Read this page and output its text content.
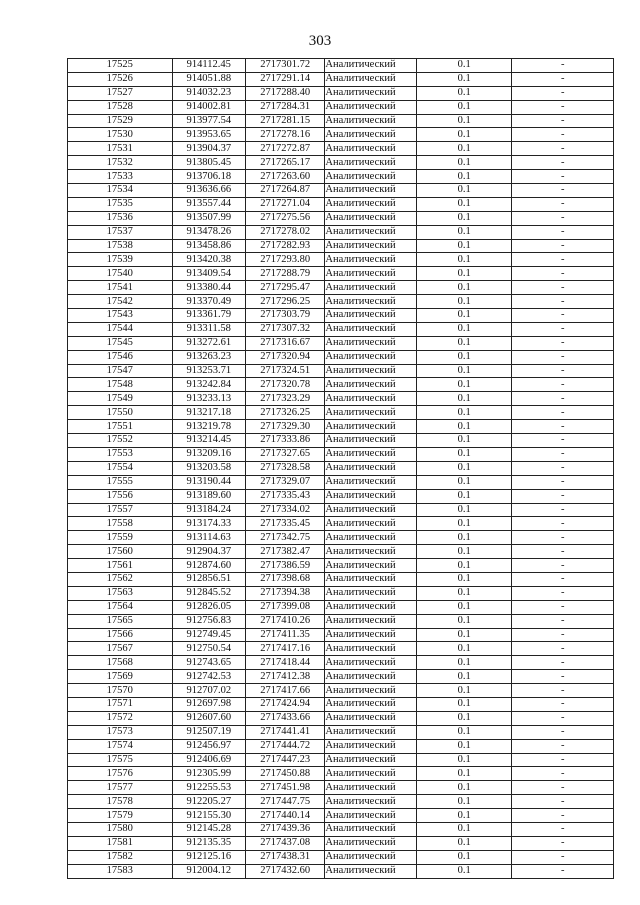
303
17525	914112.45	2717301.72	Аналитический	0.1	-
17526	914051.88	2717291.14	Аналитический	0.1	-
17527	914032.23	2717288.40	Аналитический	0.1	-
17528	914002.81	2717284.31	Аналитический	0.1	-
17529	913977.54	2717281.15	Аналитический	0.1	-
17530	913953.65	2717278.16	Аналитический	0.1	-
17531	913904.37	2717272.87	Аналитический	0.1	-
17532	913805.45	2717265.17	Аналитический	0.1	-
17533	913706.18	2717263.60	Аналитический	0.1	-
17534	913636.66	2717264.87	Аналитический	0.1	-
17535	913557.44	2717271.04	Аналитический	0.1	-
17536	913507.99	2717275.56	Аналитический	0.1	-
17537	913478.26	2717278.02	Аналитический	0.1	-
17538	913458.86	2717282.93	Аналитический	0.1	-
17539	913420.38	2717293.80	Аналитический	0.1	-
17540	913409.54	2717288.79	Аналитический	0.1	-
17541	913380.44	2717295.47	Аналитический	0.1	-
17542	913370.49	2717296.25	Аналитический	0.1	-
17543	913361.79	2717303.79	Аналитический	0.1	-
17544	913311.58	2717307.32	Аналитический	0.1	-
17545	913272.61	2717316.67	Аналитический	0.1	-
17546	913263.23	2717320.94	Аналитический	0.1	-
17547	913253.71	2717324.51	Аналитический	0.1	-
17548	913242.84	2717320.78	Аналитический	0.1	-
17549	913233.13	2717323.29	Аналитический	0.1	-
17550	913217.18	2717326.25	Аналитический	0.1	-
17551	913219.78	2717329.30	Аналитический	0.1	-
17552	913214.45	2717333.86	Аналитический	0.1	-
17553	913209.16	2717327.65	Аналитический	0.1	-
17554	913203.58	2717328.58	Аналитический	0.1	-
17555	913190.44	2717329.07	Аналитический	0.1	-
17556	913189.60	2717335.43	Аналитический	0.1	-
17557	913184.24	2717334.02	Аналитический	0.1	-
17558	913174.33	2717335.45	Аналитический	0.1	-
17559	913114.63	2717342.75	Аналитический	0.1	-
17560	912904.37	2717382.47	Аналитический	0.1	-
17561	912874.60	2717386.59	Аналитический	0.1	-
17562	912856.51	2717398.68	Аналитический	0.1	-
17563	912845.52	2717394.38	Аналитический	0.1	-
17564	912826.05	2717399.08	Аналитический	0.1	-
17565	912756.83	2717410.26	Аналитический	0.1	-
17566	912749.45	2717411.35	Аналитический	0.1	-
17567	912750.54	2717417.16	Аналитический	0.1	-
17568	912743.65	2717418.44	Аналитический	0.1	-
17569	912742.53	2717412.38	Аналитический	0.1	-
17570	912707.02	2717417.66	Аналитический	0.1	-
17571	912697.98	2717424.94	Аналитический	0.1	-
17572	912607.60	2717433.66	Аналитический	0.1	-
17573	912507.19	2717441.41	Аналитический	0.1	-
17574	912456.97	2717444.72	Аналитический	0.1	-
17575	912406.69	2717447.23	Аналитический	0.1	-
17576	912305.99	2717450.88	Аналитический	0.1	-
17577	912255.53	2717451.98	Аналитический	0.1	-
17578	912205.27	2717447.75	Аналитический	0.1	-
17579	912155.30	2717440.14	Аналитический	0.1	-
17580	912145.28	2717439.36	Аналитический	0.1	-
17581	912135.35	2717437.08	Аналитический	0.1	-
17582	912125.16	2717438.31	Аналитический	0.1	-
17583	912004.12	2717432.60	Аналитический	0.1	-
